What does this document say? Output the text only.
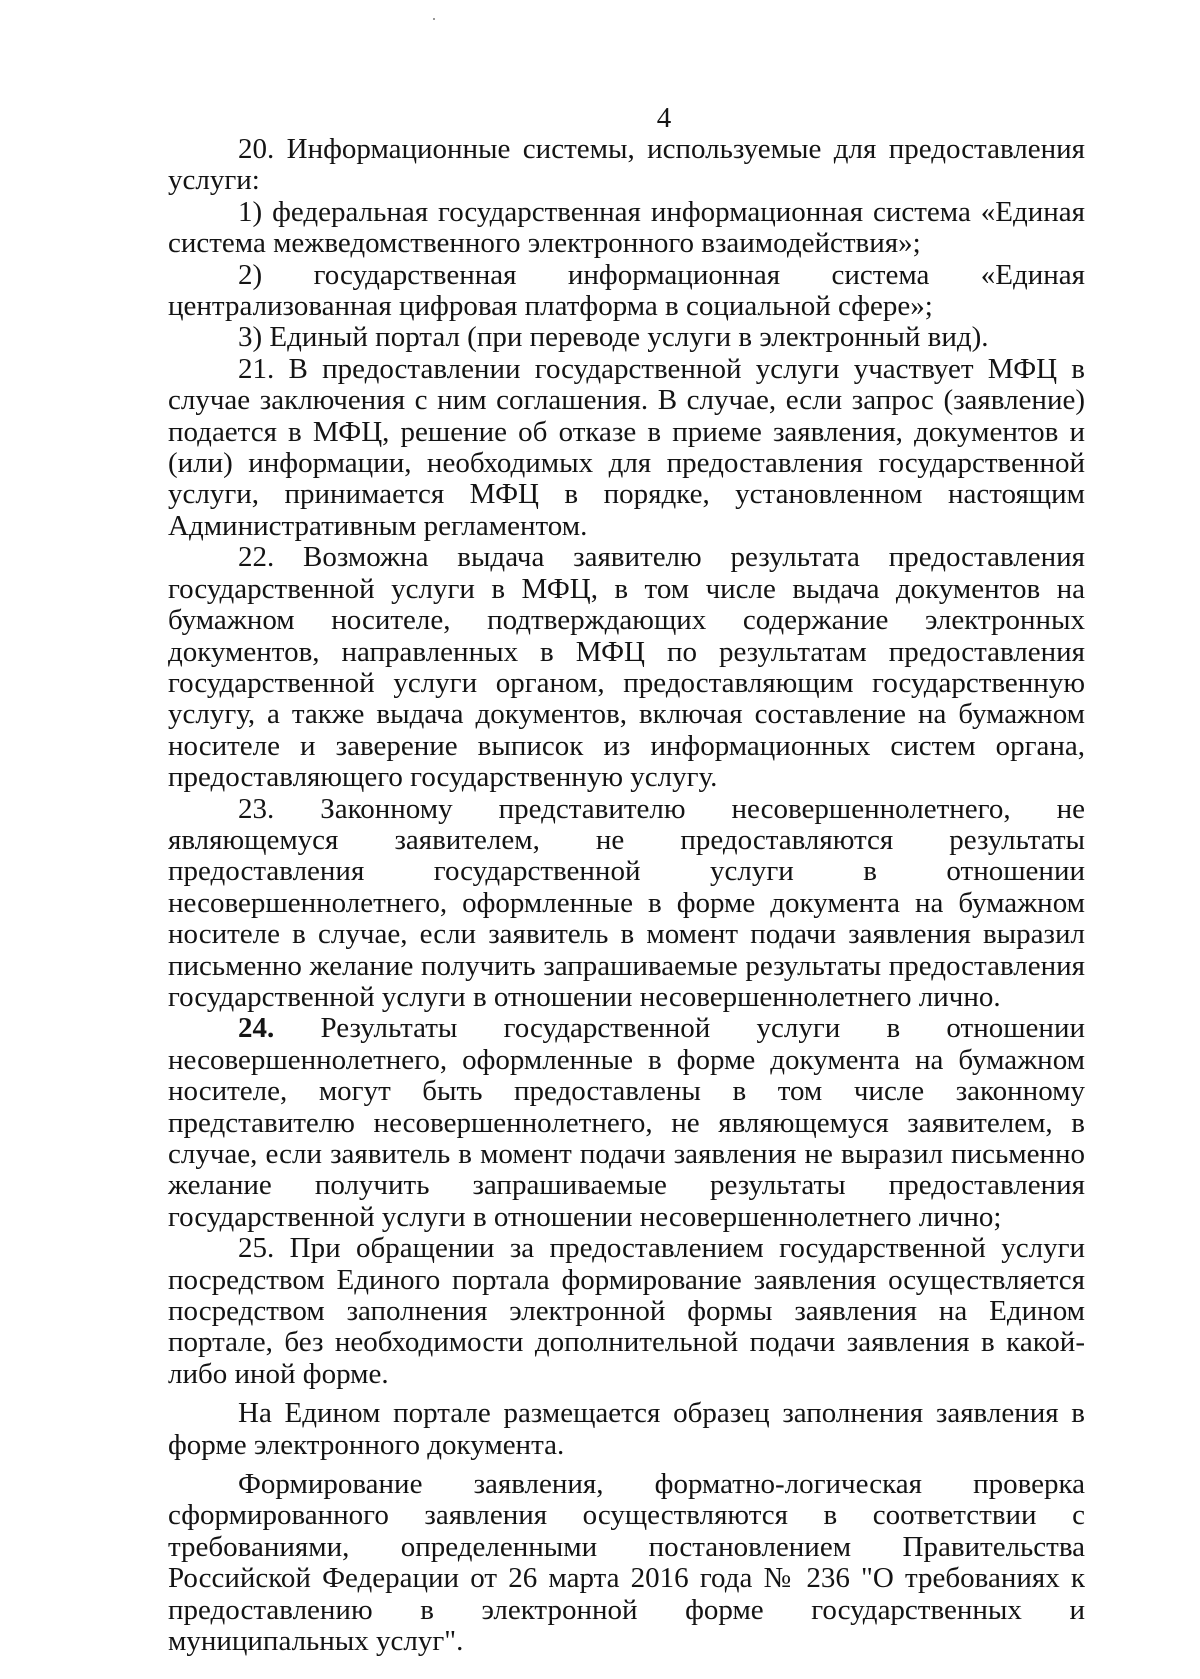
4

20. Информационные системы, используемые для предоставления услуги:

1) федеральная государственная информационная система «Единая система межведомственного электронного взаимодействия»;

2) государственная информационная система «Единая централизованная цифровая платформа в социальной сфере»;

3) Единый портал (при переводе услуги в электронный вид).

21. В предоставлении государственной услуги участвует МФЦ в случае заключения с ним соглашения. В случае, если запрос (заявление) подается в МФЦ, решение об отказе в приеме заявления, документов и (или) информации, необходимых для предоставления государственной услуги, принимается МФЦ в порядке, установленном настоящим Административным регламентом.

22. Возможна выдача заявителю результата предоставления государственной услуги в МФЦ, в том числе выдача документов на бумажном носителе, подтверждающих содержание электронных документов, направленных в МФЦ по результатам предоставления государственной услуги органом, предоставляющим государственную услугу, а также выдача документов, включая составление на бумажном носителе и заверение выписок из информационных систем органа, предоставляющего государственную услугу.

23. Законному представителю несовершеннолетнего, не являющемуся заявителем, не предоставляются результаты предоставления государственной услуги в отношении несовершеннолетнего, оформленные в форме документа на бумажном носителе в случае, если заявитель в момент подачи заявления выразил письменно желание получить запрашиваемые результаты предоставления государственной услуги в отношении несовершеннолетнего лично.

24. Результаты государственной услуги в отношении несовершеннолетнего, оформленные в форме документа на бумажном носителе, могут быть предоставлены в том числе законному представителю несовершеннолетнего, не являющемуся заявителем, в случае, если заявитель в момент подачи заявления не выразил письменно желание получить запрашиваемые результаты предоставления государственной услуги в отношении несовершеннолетнего лично;

25. При обращении за предоставлением государственной услуги посредством Единого портала формирование заявления осуществляется посредством заполнения электронной формы заявления на Едином портале, без необходимости дополнительной подачи заявления в какой-либо иной форме.

На Едином портале размещается образец заполнения заявления в форме электронного документа.

Формирование заявления, форматно-логическая проверка сформированного заявления осуществляются в соответствии с требованиями, определенными постановлением Правительства Российской Федерации от 26 марта 2016 года № 236 "О требованиях к предоставлению в электронной форме государственных и муниципальных услуг".
